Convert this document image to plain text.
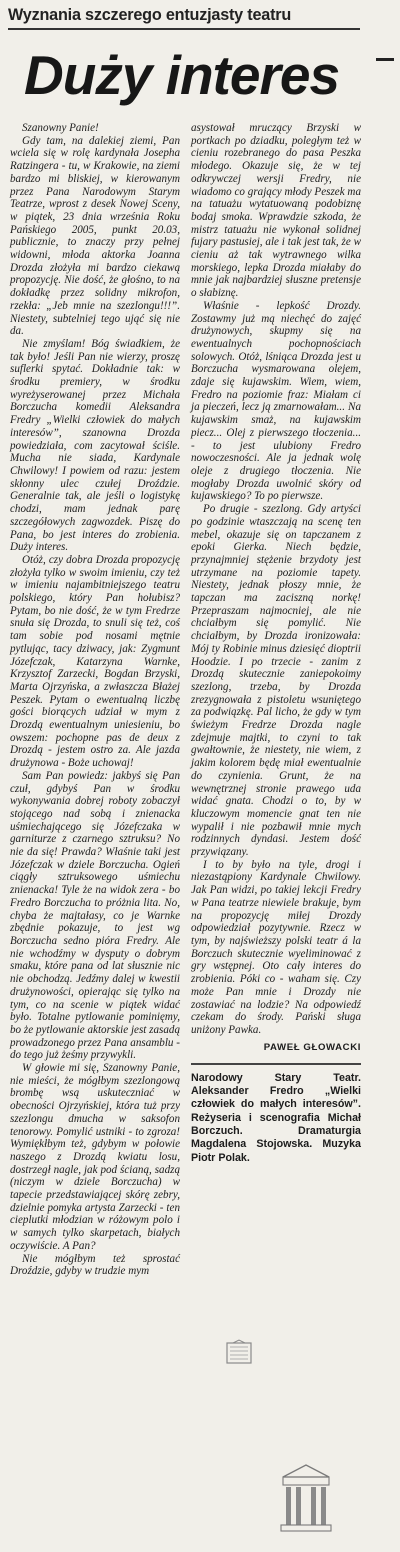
Wyznania szczerego entuzjasty teatru
Duży interes

Szanowny Panie!

Gdy tam, na dalekiej ziemi, Pan wciela się w rolę kardynała Josepha Ratzingera - tu, w Krakowie, na ziemi bardzo mi bliskiej, w kierowanym przez Pana Narodowym Starym Teatrze, wprost z desek Nowej Sceny, w piątek, 23 dnia września Roku Pańskiego 2005, punkt 20.03, publicznie, to znaczy przy pełnej widowni, młoda aktorka Joanna Drozda złożyła mi bardzo ciekawą propozycję. Nie dość, że głośno, to na dokładkę przez solidny mikrofon, rzekła: „Jeb mnie na szezlongu!!!”. Niestety, subtelniej tego ująć się nie da.

Nie zmyślam! Bóg świadkiem, że tak było! Jeśli Pan nie wierzy, proszę suflerki spytać. Dokładnie tak: w środku premiery, w środku wyreżyserowanej przez Michała Borczucha komedii Aleksandra Fredry „Wielki człowiek do małych interesów”, szanowna Drozda powiedziała, com zacytował ściśle. Mucha nie siada, Kardynale Chwilowy! I powiem od razu: jestem skłonny ulec czułej Droździe. Generalnie tak, ale jeśli o logistykę chodzi, mam jednak parę szczegółowych zagwozdek. Piszę do Pana, bo jest interes do zrobienia. Duży interes.

Otóż, czy dobra Drozda propozycję złożyła tylko w swoim imieniu, czy też w imieniu najambitniejszego teatru polskiego, który Pan hołubisz? Pytam, bo nie dość, że w tym Fredrze snuła się Drozda, to snuli się też, coś tam sobie pod nosami mętnie pytlując, tacy dziwacy, jak: Zygmunt Józefczak, Katarzyna Warnke, Krzysztof Zarzecki, Bogdan Brzyski, Marta Ojrzyńska, a zwłaszcza Błażej Peszek. Pytam o ewentualną liczbę gości biorących udział w mym z Drozdą ewentualnym uniesieniu, bo owszem: pochopne pas de deux z Drozdą - jestem ostro za. Ale jazda drużynowa - Boże uchowaj!

Sam Pan powiedz: jakbyś się Pan czuł, gdybyś Pan w środku wykonywania dobrej roboty zobaczył stojącego nad sobą i znienacka uśmiechającego się Józefczaka w garniturze z czarnego sztruksu? No nie da się! Prawda? Właśnie taki jest Józefczak w dziele Borczucha. Ogień ciągły sztruksowego uśmiechu znienacka! Tyle że na widok zera - bo Fredro Borczucha to próżnia lita. No, chyba że majtałasy, co je Warnke zbędnie pokazuje, to jest wg Borczucha sedno pióra Fredry. Ale nie wchodźmy w dysputy o dobrym smaku, które pana od lat słusznie nic nie obchodzą. Jedźmy dalej w kwestii drużynowości, opierając się tylko na tym, co na scenie w piątek widać było. Totalne pytlowanie pominięmy, bo że pytlowanie aktorskie jest zasadą prowadzonego przez Pana ansamblu - do tego już żeśmy przywykli.

W głowie mi się, Szanowny Panie, nie mieści, że mógłbym szezlongową brombę wsą uskuteczniać w obecności Ojrzyńskiej, która tuż przy szezlongu dmucha w saksofon tenorowy. Pomylić ustniki - to zgroza! Wymiękłbym też, gdybym w połowie naszego z Drozdą kwiatu losu, dostrzegł nagle, jak pod ścianą, sadzą (niczym w dziele Borczucha) w tapecie przedstawiającej skórę zebry, dzielnie pomyka artysta Zarzecki - ten cieplutki młodzian w różowym polo i w samych tylko skarpetach, białych oczywiście. A Pan?

Nie mógłbym też sprostać Droździe, gdyby w trudzie mym

asystował mruczący Brzyski w portkach po dziadku, poległym też w cieniu rozebranego do pasa Peszka młodego. Okazuje się, że w tej odkrywczej wersji Fredry, nie wiadomo co grający młody Peszek ma na tatuażu wytatuowaną podobiznę bodaj smoka. Wprawdzie szkoda, że mistrz tatuażu nie wykonał solidnej fujary pastusiej, ale i tak jest tak, że w cieniu aż tak wytrawnego wilka morskiego, lepka Drozda miałaby do mnie jak najbardziej słuszne pretensje o słabiznę.

Właśnie - lepkość Drozdy. Zostawmy już mą niechęć do zajęć drużynowych, skupmy się na ewentualnych pochopnościach solowych. Otóż, lśniąca Drozda jest u Borczucha wysmarowana olejem, zdaje się kujawskim. Wiem, wiem, Fredro na poziomie fraz: Miałam ci ja pieczeń, lecz ją zmarnowałam... Na kujawskim smaż, na kujawskim piecz... Olej z pierwszego tłoczenia... - to jest ulubiony Fredro nowoczesności. Ale ja jednak wolę oleje z drugiego tłoczenia. Nie mogłaby Drozda uwolnić skóry od kujawskiego? To po pierwsze.

Po drugie - szezlong. Gdy artyści po godzinie wtaszczają na scenę ten mebel, okazuje się on tapczanem z epoki Gierka. Niech będzie, przynajmniej stężenie brzydoty jest utrzymane na poziomie tapety. Niestety, jednak płoszy mnie, że tapczan ma zaciszną norkę! Przepraszam najmocniej, ale nie chciałbym się pomylić. Nie chciałbym, by Drozda ironizowała: Mój ty Robinie minus dziesięć dioptrii Hoodzie. I po trzecie - zanim z Drozdą skutecznie zaniepokoimy szezlong, trzeba, by Drozda zrezygnowała z pistoletu wsuniętego za podwiązkę. Pal licho, że gdy w tym świeżym Fredrze Drozda nagle zdejmuje majtki, to czyni to tak gwałtownie, że niestety, nie wiem, z jakim kolorem będę miał ewentualnie do czynienia. Grunt, że na wewnętrznej stronie prawego uda widać gnata. Chodzi o to, by w kluczowym momencie gnat ten nie wypalił i nie pozbawił mnie mych rodzinnych dyndasi. Jestem dość przywiązany.

I to by było na tyle, drogi i niezastąpiony Kardynale Chwilowy. Jak Pan widzi, po takiej lekcji Fredry w Pana teatrze niewiele brakuje, bym na propozycję miłej Drozdy odpowiedział pozytywnie. Rzecz w tym, by najświeższy polski teatr á la Borczuch skutecznie wyeliminować z gry wstępnej. Oto cały interes do zrobienia. Póki co - waham się. Czy może Pan mnie i Drozdy nie zostawiać na lodzie? Na odpowiedź czekam do środy. Pański sługa uniżony Pawka.

PAWEŁ GŁOWACKI
Narodowy Stary Teatr. Aleksander Fredro „Wielki człowiek do małych interesów”. Reżyseria i scenografia Michał Borczuch. Dramaturgia Magdalena Stojowska. Muzyka Piotr Polak.
